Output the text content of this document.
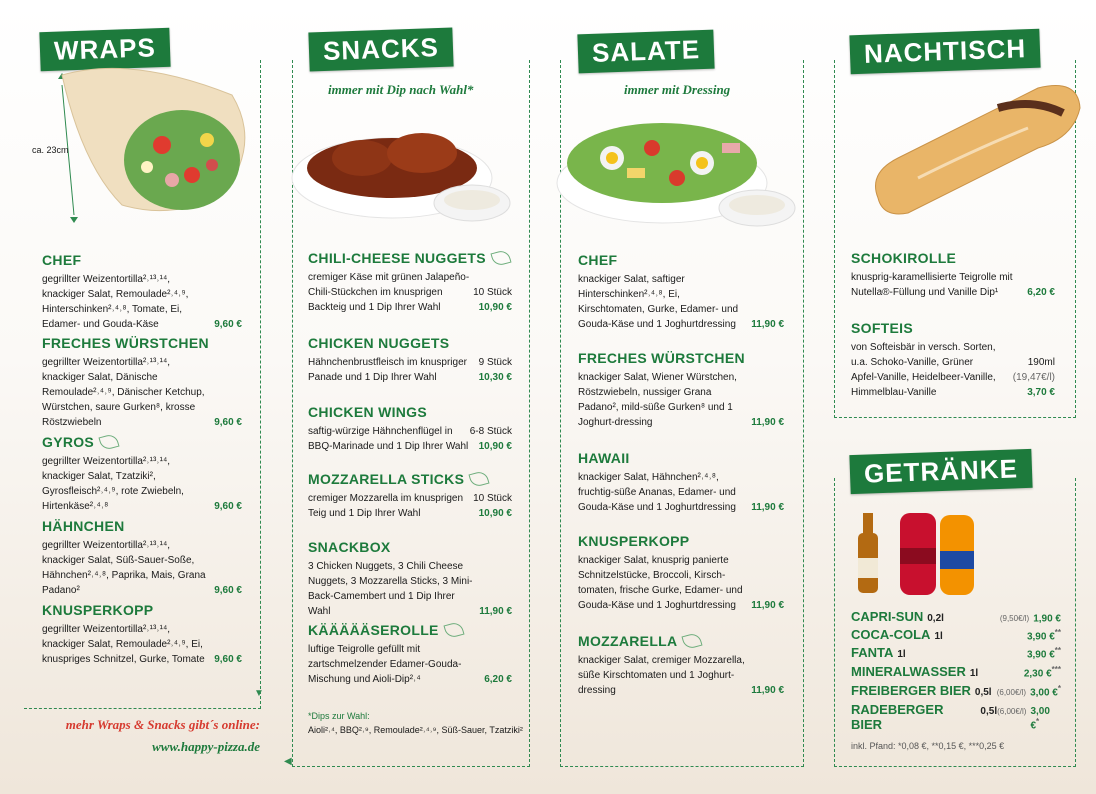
WRAPS
ca. 23cm
CHEF
gegrillter Weizentortilla²˒¹³˒¹⁴, knackiger Salat, Remoulade²˒⁴˒⁹, Hinterschinken²˒⁴˒⁸, Tomate, Ei, Edamer- und Gouda-Käse	9,60 €
FRECHES WÜRSTCHEN
gegrillter Weizentortilla²˒¹³˒¹⁴, knackiger Salat, Dänische Remoulade²˒⁴˒⁹, Dänischer Ketchup, Würstchen, saure Gurken⁸, krosse Röstzwiebeln	9,60 €
GYROS
gegrillter Weizentortilla²˒¹³˒¹⁴, knackiger Salat, Tzatziki², Gyrosfleisch²˒⁴˒⁹, rote Zwiebeln, Hirtenkäse²˒⁴˒⁸	9,60 €
HÄHNCHEN
gegrillter Weizentortilla²˒¹³˒¹⁴, knackiger Salat, Süß-Sauer-Soße, Hähnchen²˒⁴˒⁸, Paprika, Mais, Grana Padano²	9,60 €
KNUSPERKOPP
gegrillter Weizentortilla²˒¹³˒¹⁴, knackiger Salat, Remoulade²˒⁴˒⁹, Ei, knuspriges Schnitzel, Gurke, Tomate 9,60 €
▼
mehr Wraps & Snacks gibt´s online:
www.happy-pizza.de
SNACKS
immer mit Dip nach Wahl*
CHILI-CHEESE NUGGETS
cremiger Käse mit grünen Jalapeño-Chili-Stückchen im knusprigen Backteig und 1 Dip Ihrer Wahl
10 Stück
10,90 €
CHICKEN NUGGETS
Hähnchenbrustfleisch im knuspriger Panade und 1 Dip Ihrer Wahl
9 Stück
10,30 €
CHICKEN WINGS
saftig-würzige Hähnchenflügel in BBQ-Marinade und 1 Dip Ihrer Wahl
6-8 Stück
10,90 €
MOZZARELLA STICKS
cremiger Mozzarella im knusprigen Teig und 1 Dip Ihrer Wahl
10 Stück
10,90 €
SNACKBOX
3 Chicken Nuggets, 3 Chili Cheese Nuggets, 3 Mozzarella Sticks, 3 Mini-Back-Camembert und 1 Dip Ihrer Wahl	11,90 €
KÄÄÄÄÄSEROLLE
luftige Teigrolle gefüllt mit zartschmelzender Edamer-Gouda-Mischung und Aioli-Dip²˒⁴	6,20 €
*Dips zur Wahl:
Aioli²˒⁴, BBQ²˒⁹, Remoulade²˒⁴˒⁹, Süß-Sauer, Tzatziki²
◀
SALATE
immer mit Dressing
CHEF
knackiger Salat, saftiger Hinterschinken²˒⁴˒⁸, Ei, Kirschtomaten, Gurke, Edamer- und Gouda-Käse und 1 Joghurtdressing	11,90 €
FRECHES WÜRSTCHEN
knackiger Salat, Wiener Würstchen, Röstzwiebeln, nussiger Grana Padano², mild-süße Gurken⁸ und 1 Joghurt-dressing	11,90 €
HAWAII
knackiger Salat, Hähnchen²˒⁴˒⁸, fruchtig-süße Ananas, Edamer- und Gouda-Käse und 1 Joghurtdressing	11,90 €
KNUSPERKOPP
knackiger Salat, knusprig panierte Schnitzelstücke, Broccoli, Kirsch-tomaten, frische Gurke, Edamer- und Gouda-Käse und 1 Joghurtdressing	11,90 €
MOZZARELLA
knackiger Salat, cremiger Mozzarella, süße Kirschtomaten und 1 Joghurt-dressing	11,90 €
NACHTISCH
SCHOKIROLLE
knusprig-karamellisierte Teigrolle mit Nutella®-Füllung und Vanille Dip¹	6,20 €
SOFTEIS
von Softeisbär in versch. Sorten, u.a. Schoko-Vanille, Grüner Apfel-Vanille, Heidelbeer-Vanille, Himmelblau-Vanille
190ml
(19,47€/l)
3,70 €
GETRÄNKE
CAPRI-SUN 0,2l	(9,50€/l) 1,90 €
COCA-COLA 1l	3,90 €**
FANTA 1l	3,90 €**
MINERALWASSER 1l	2,30 €***
FREIBERGER BIER 0,5l (6,00€/l) 3,00 €*
RADEBERGER BIER
0,5l (6,00€/l) 3,00 €*
inkl. Pfand: *0,08 €, **0,15 €, ***0,25 €
